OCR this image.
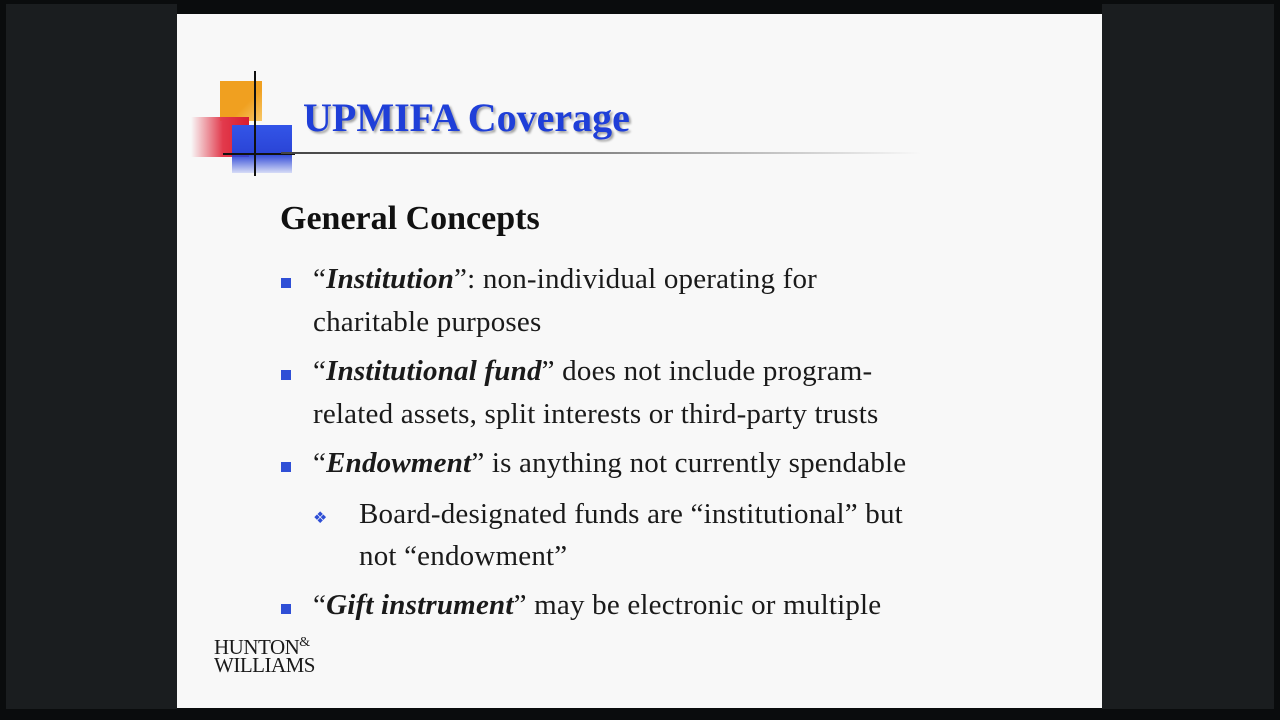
UPMIFA Coverage
General Concepts
“Institution”: non-individual operating for
charitable purposes
“Institutional fund” does not include program-
related assets, split interests or third-party trusts
“Endowment” is anything not currently spendable
❖ Board-designated funds are “institutional” but
not “endowment”
“Gift instrument” may be electronic or multiple
HUNTON&
WILLIAMS
